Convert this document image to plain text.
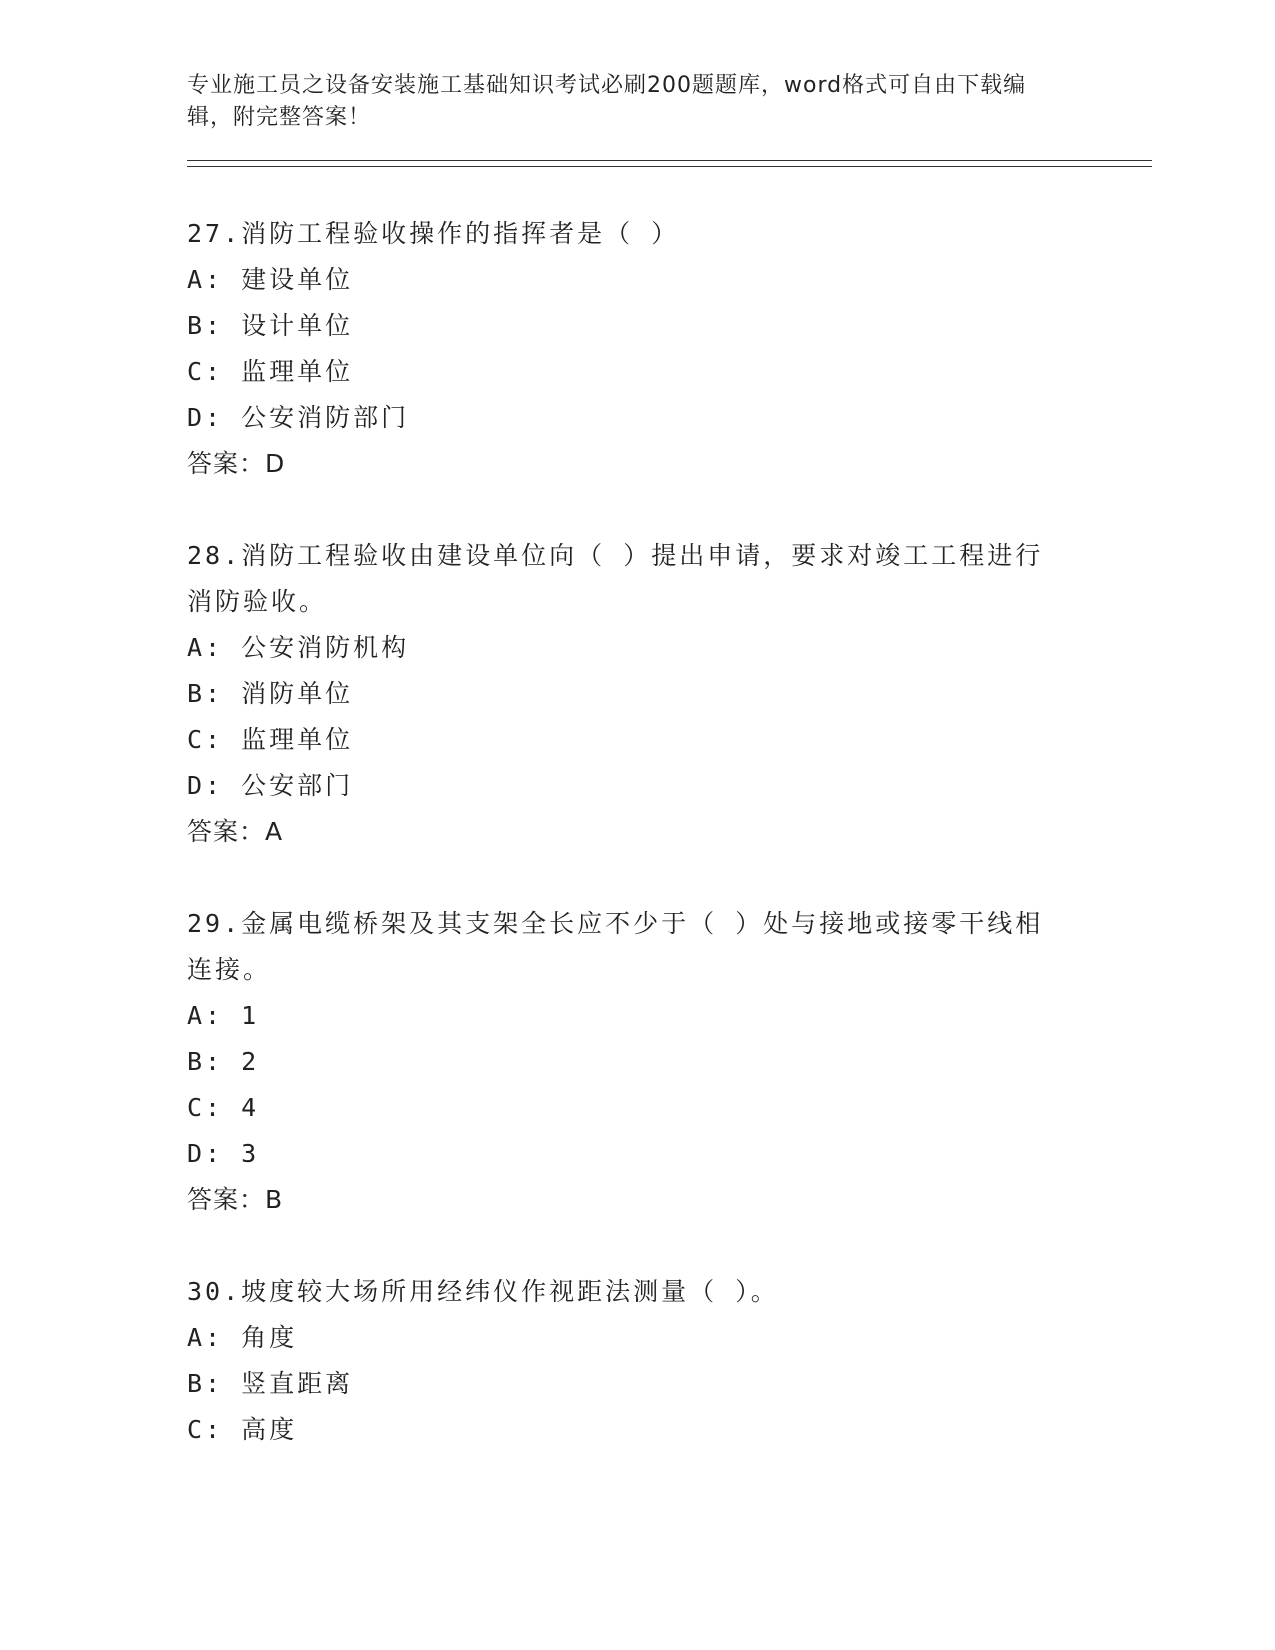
专业施工员之设备安装施工基础知识考试必刷200题题库，word格式可自由下载编辑，附完整答案！

27.消防工程验收操作的指挥者是（ ）

A: 建设单位

B: 设计单位

C: 监理单位

D: 公安消防部门

答案：D

28.消防工程验收由建设单位向（ ）提出申请，要求对竣工工程进行消防验收。

A: 公安消防机构

B: 消防单位

C: 监理单位

D: 公安部门

答案：A

29.金属电缆桥架及其支架全长应不少于（ ）处与接地或接零干线相连接。

A: 1

B: 2

C: 4

D: 3

答案：B

30.坡度较大场所用经纬仪作视距法测量（ ）。

A: 角度

B: 竖直距离

C: 高度
